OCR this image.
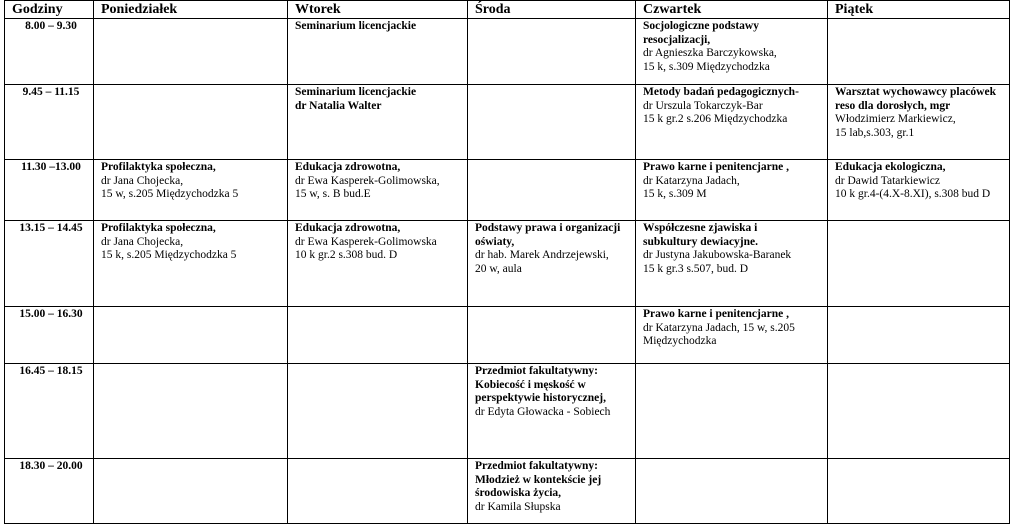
Godziny	Poniedziałek	Wtorek	Środa	Czwartek	Piątek
8.00 – 9.30		Seminarium licencjackie		Socjologiczne podstawy
resocjalizacji,
dr Agnieszka Barczykowska,
15 k, s.309 Międzychodzka	

9.45 – 11.15		Seminarium licencjackie
dr Natalia Walter		Metody badań pedagogicznych-
dr Urszula Tokarczyk-Bar
15 k gr.2 s.206 Międzychodzka	Warsztat wychowawcy placówek
reso dla dorosłych, mgr
Włodzimierz Markiewicz,
15 lab,s.303, gr.1

11.30 –13.00	Profilaktyka społeczna,
dr Jana Chojecka,
15 w, s.205 Międzychodzka 5	Edukacja zdrowotna,
dr Ewa Kasperek-Golimowska,
15 w, s. B bud.E		Prawo karne i penitencjarne ,
dr Katarzyna Jadach,
15 k, s.309 M	Edukacja ekologiczna,
dr Dawid Tatarkiewicz
10 k gr.4-(4.X-8.XI), s.308 bud D

13.15 – 14.45	Profilaktyka społeczna,
dr Jana Chojecka,
15 k, s.205 Międzychodzka 5	Edukacja zdrowotna,
dr Ewa Kasperek-Golimowska
10 k gr.2 s.308 bud. D	Podstawy prawa i organizacji
oświaty,
dr hab. Marek Andrzejewski,
20 w, aula	Współczesne zjawiska i
subkultury dewiacyjne.
dr Justyna Jakubowska-Baranek
15 k gr.3 s.507, bud. D	

15.00 – 16.30				Prawo karne i penitencjarne ,
dr Katarzyna Jadach, 15 w, s.205
Międzychodzka	

16.45 – 18.15			Przedmiot fakultatywny:
Kobiecość i męskość w
perspektywie historycznej,
dr Edyta Głowacka - Sobiech		

18.30 – 20.00			Przedmiot fakultatywny:
Młodzież w kontekście jej
środowiska życia,
dr Kamila Słupska		
